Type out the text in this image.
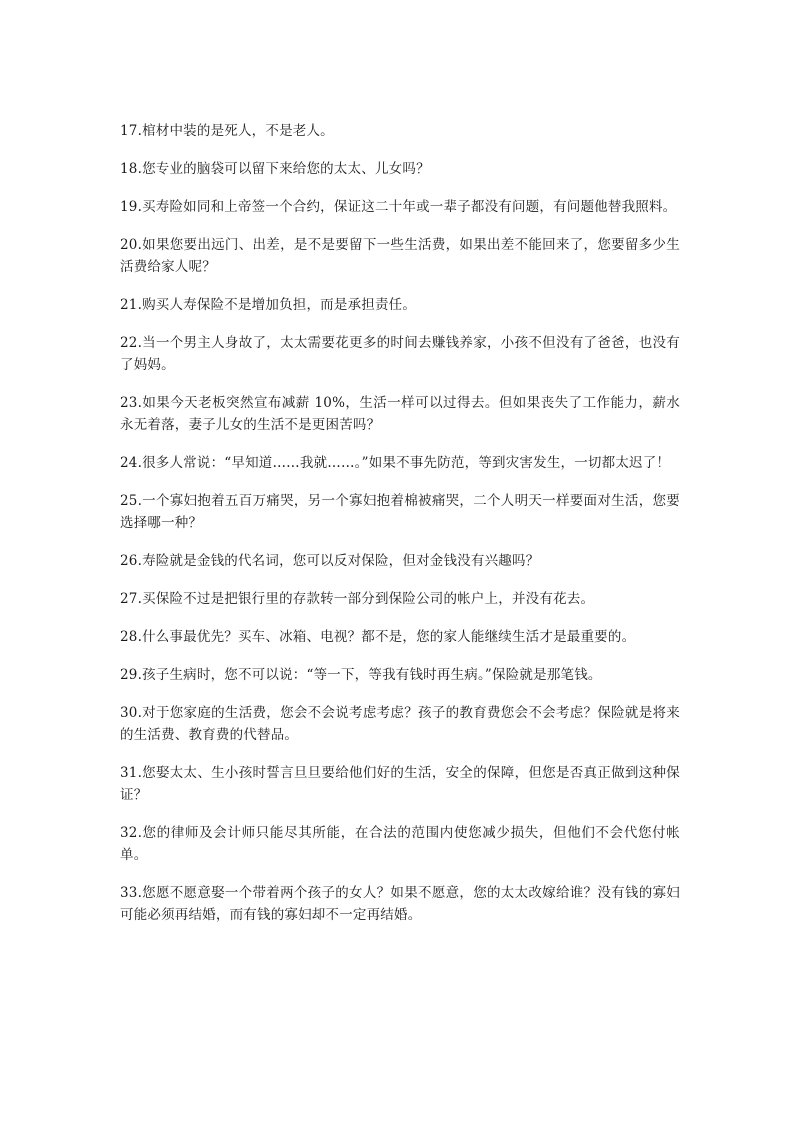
17.棺材中装的是死人，不是老人。

18.您专业的脑袋可以留下来给您的太太、儿女吗？

19.买寿险如同和上帝签一个合约，保证这二十年或一辈子都没有问题，有问题他替我照料。

20.如果您要出远门、出差，是不是要留下一些生活费，如果出差不能回来了，您要留多少生活费给家人呢？

21.购买人寿保险不是增加负担，而是承担责任。

22.当一个男主人身故了，太太需要花更多的时间去赚钱养家，小孩不但没有了爸爸，也没有了妈妈。

23.如果今天老板突然宣布减薪 10%，生活一样可以过得去。但如果丧失了工作能力，薪水永无着落，妻子儿女的生活不是更困苦吗？

24.很多人常说：“早知道……我就……。”如果不事先防范，等到灾害发生，一切都太迟了！

25.一个寡妇抱着五百万痛哭，另一个寡妇抱着棉被痛哭，二个人明天一样要面对生活，您要选择哪一种？

26.寿险就是金钱的代名词，您可以反对保险，但对金钱没有兴趣吗？

27.买保险不过是把银行里的存款转一部分到保险公司的帐户上，并没有花去。

28.什么事最优先？买车、冰箱、电视？都不是，您的家人能继续生活才是最重要的。

29.孩子生病时，您不可以说：“等一下，等我有钱时再生病。”保险就是那笔钱。

30.对于您家庭的生活费，您会不会说考虑考虑？孩子的教育费您会不会考虑？保险就是将来的生活费、教育费的代替品。

31.您娶太太、生小孩时誓言旦旦要给他们好的生活，安全的保障，但您是否真正做到这种保证？

32.您的律师及会计师只能尽其所能，在合法的范围内使您减少损失，但他们不会代您付帐单。

33.您愿不愿意娶一个带着两个孩子的女人？如果不愿意，您的太太改嫁给谁？没有钱的寡妇可能必须再结婚，而有钱的寡妇却不一定再结婚。
